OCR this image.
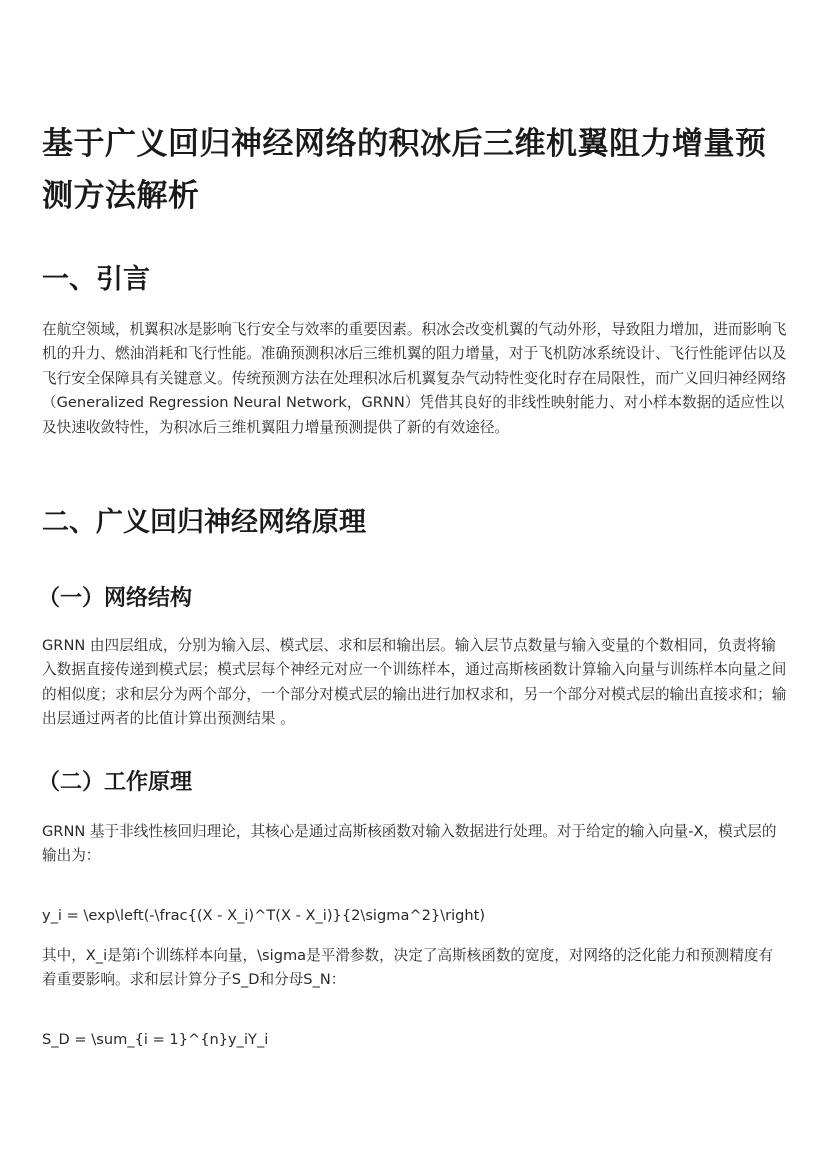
基于广义回归神经网络的积冰后三维机翼阻力增量预测方法解析
一、引言

在航空领域，机翼积冰是影响飞行安全与效率的重要因素。积冰会改变机翼的气动外形，导致阻力增加，进而影响飞机的升力、燃油消耗和飞行性能。准确预测积冰后三维机翼的阻力增量，对于飞机防冰系统设计、飞行性能评估以及飞行安全保障具有关键意义。传统预测方法在处理积冰后机翼复杂气动特性变化时存在局限性，而广义回归神经网络（Generalized Regression Neural Network，GRNN）凭借其良好的非线性映射能力、对小样本数据的适应性以及快速收敛特性，为积冰后三维机翼阻力增量预测提供了新的有效途径。

二、广义回归神经网络原理
（一）网络结构

GRNN 由四层组成，分别为输入层、模式层、求和层和输出层。输入层节点数量与输入变量的个数相同，负责将输入数据直接传递到模式层；模式层每个神经元对应一个训练样本，通过高斯核函数计算输入向量与训练样本向量之间的相似度；求和层分为两个部分，一个部分对模式层的输出进行加权求和，另一个部分对模式层的输出直接求和；输出层通过两者的比值计算出预测结果 。

（二）工作原理

GRNN 基于非线性核回归理论，其核心是通过高斯核函数对输入数据进行处理。对于给定的输入向量-X，模式层的输出为：

y_i = \exp\left(-\frac{(X - X_i)^T(X - X_i)}{2\sigma^2}\right)

其中，X_i是第i个训练样本向量，\sigma是平滑参数，决定了高斯核函数的宽度，对网络的泛化能力和预测精度有着重要影响。求和层计算分子S_D和分母S_N：

S_D = \sum_{i = 1}^{n}y_iY_i
